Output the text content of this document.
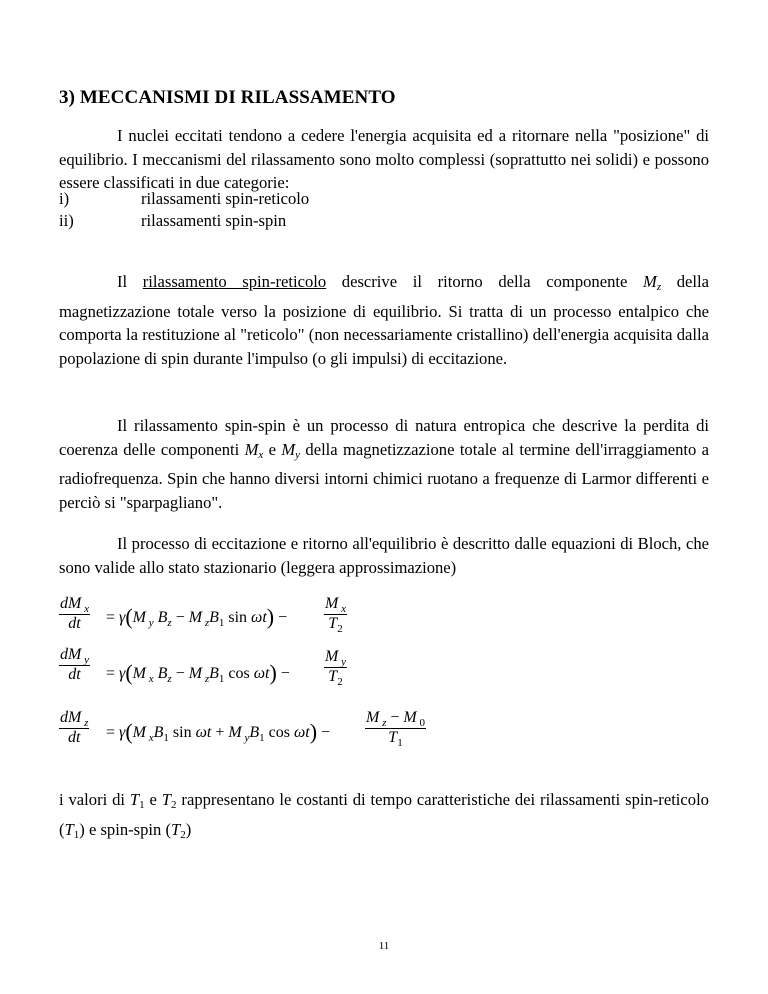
3) MECCANISMI DI RILASSAMENTO

I nuclei eccitati tendono a cedere l'energia acquisita ed a ritornare nella "posizione" di equilibrio. I meccanismi del rilassamento sono molto complessi (soprattutto nei solidi) e possono essere classificati in due categorie:

i)	rilassamenti spin-reticolo
ii)	rilassamenti spin-spin

Il rilassamento spin-reticolo descrive il ritorno della componente $M_z$ della magnetizzazione totale verso la posizione di equilibrio. Si tratta di un processo entalpico che comporta la restituzione al "reticolo" (non necessariamente cristallino) dell'energia acquisita dalla popolazione di spin durante l'impulso (o gli impulsi) di eccitazione.

Il rilassamento spin-spin è un processo di natura entropica che descrive la perdita di coerenza delle componenti $M_x$ e $M_y$ della magnetizzazione totale al termine dell'irraggiamento a radiofrequenza. Spin che hanno diversi intorni chimici ruotano a frequenze di Larmor differenti e perciò si "sparpagliano".

Il processo di eccitazione e ritorno all'equilibrio è descritto dalle equazioni di Bloch, che sono valide allo stato stazionario (leggera approssimazione)

dM $_x$
dt	= γ(M $_y$ $B_z - M$ $_zB_1$ sin ωt) −
M $_x$
$T_2$
dM $_y$
dt	= γ(M $_x$ $B_z - M$ $_zB_1$ cos ωt) −
M $_y$
$T_2$
dM $_z$
dt	= γ(M $_xB_1$ sin ωt + M $_yB_1$ cos ωt) −
M $_z$ − M $_0$
$T_1$

i valori di $T_1$ e $T_2$ rappresentano le costanti di tempo caratteristiche dei rilassamenti spin-reticolo $(T_1)$ e spin-spin $(T_2)$

11
